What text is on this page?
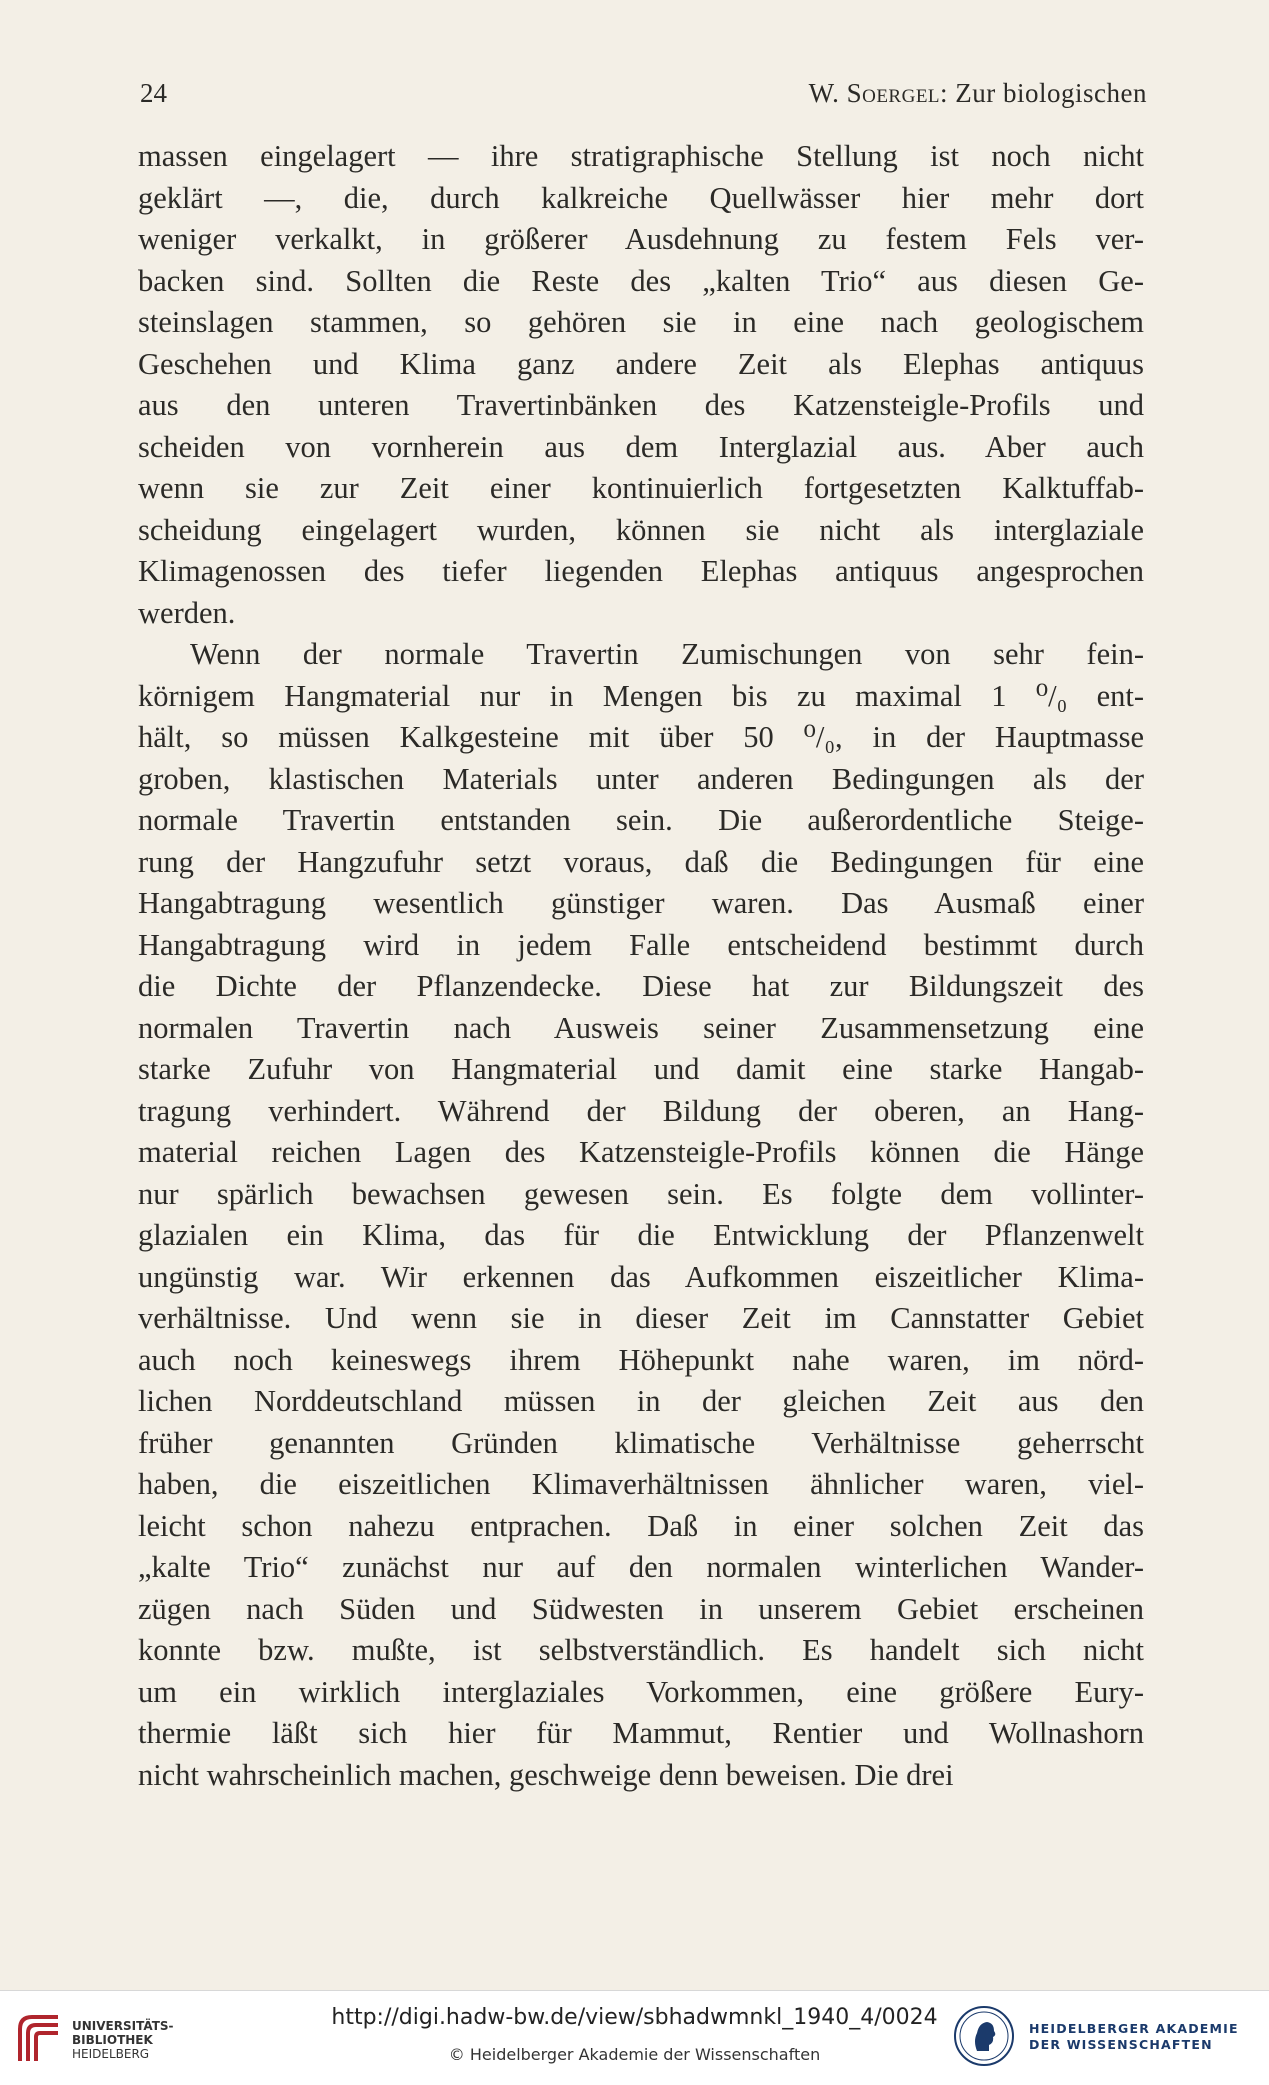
24	W. Soergel: Zur biologischen
massen eingelagert — ihre stratigraphische Stellung ist noch nicht
geklärt —, die, durch kalkreiche Quellwässer hier mehr dort
weniger verkalkt, in größerer Ausdehnung zu festem Fels ver-
backen sind. Sollten die Reste des „kalten Trio“ aus diesen Ge-
steinslagen stammen, so gehören sie in eine nach geologischem
Geschehen und Klima ganz andere Zeit als Elephas antiquus
aus den unteren Travertinbänken des Katzensteigle-Profils und
scheiden von vornherein aus dem Interglazial aus. Aber auch
wenn sie zur Zeit einer kontinuierlich fortgesetzten Kalktuffab-
scheidung eingelagert wurden, können sie nicht als interglaziale
Klimagenossen des tiefer liegenden Elephas antiquus angesprochen
werden.
Wenn der normale Travertin Zumischungen von sehr fein-
körnigem Hangmaterial nur in Mengen bis zu maximal 1 ⁰/₀ ent-
hält, so müssen Kalkgesteine mit über 50 ⁰/₀, in der Hauptmasse
groben, klastischen Materials unter anderen Bedingungen als der
normale Travertin entstanden sein. Die außerordentliche Steige-
rung der Hangzufuhr setzt voraus, daß die Bedingungen für eine
Hangabtragung wesentlich günstiger waren. Das Ausmaß einer
Hangabtragung wird in jedem Falle entscheidend bestimmt durch
die Dichte der Pflanzendecke. Diese hat zur Bildungszeit des
normalen Travertin nach Ausweis seiner Zusammensetzung eine
starke Zufuhr von Hangmaterial und damit eine starke Hangab-
tragung verhindert. Während der Bildung der oberen, an Hang-
material reichen Lagen des Katzensteigle-Profils können die Hänge
nur spärlich bewachsen gewesen sein. Es folgte dem vollinter-
glazialen ein Klima, das für die Entwicklung der Pflanzenwelt
ungünstig war. Wir erkennen das Aufkommen eiszeitlicher Klima-
verhältnisse. Und wenn sie in dieser Zeit im Cannstatter Gebiet
auch noch keineswegs ihrem Höhepunkt nahe waren, im nörd-
lichen Norddeutschland müssen in der gleichen Zeit aus den
früher genannten Gründen klimatische Verhältnisse geherrscht
haben, die eiszeitlichen Klimaverhältnissen ähnlicher waren, viel-
leicht schon nahezu entprachen. Daß in einer solchen Zeit das
„kalte Trio“ zunächst nur auf den normalen winterlichen Wander-
zügen nach Süden und Südwesten in unserem Gebiet erscheinen
konnte bzw. mußte, ist selbstverständlich. Es handelt sich nicht
um ein wirklich interglaziales Vorkommen, eine größere Eury-
thermie läßt sich hier für Mammut, Rentier und Wollnashorn
nicht wahrscheinlich machen, geschweige denn beweisen. Die drei
UNIVERSITÄTS-
BIBLIOTHEK
HEIDELBERG
http://digi.hadw-bw.de/view/sbhadwmnkl_1940_4/0024
© Heidelberger Akademie der Wissenschaften
HEIDELBERGER AKADEMIE
DER WISSENSCHAFTEN
